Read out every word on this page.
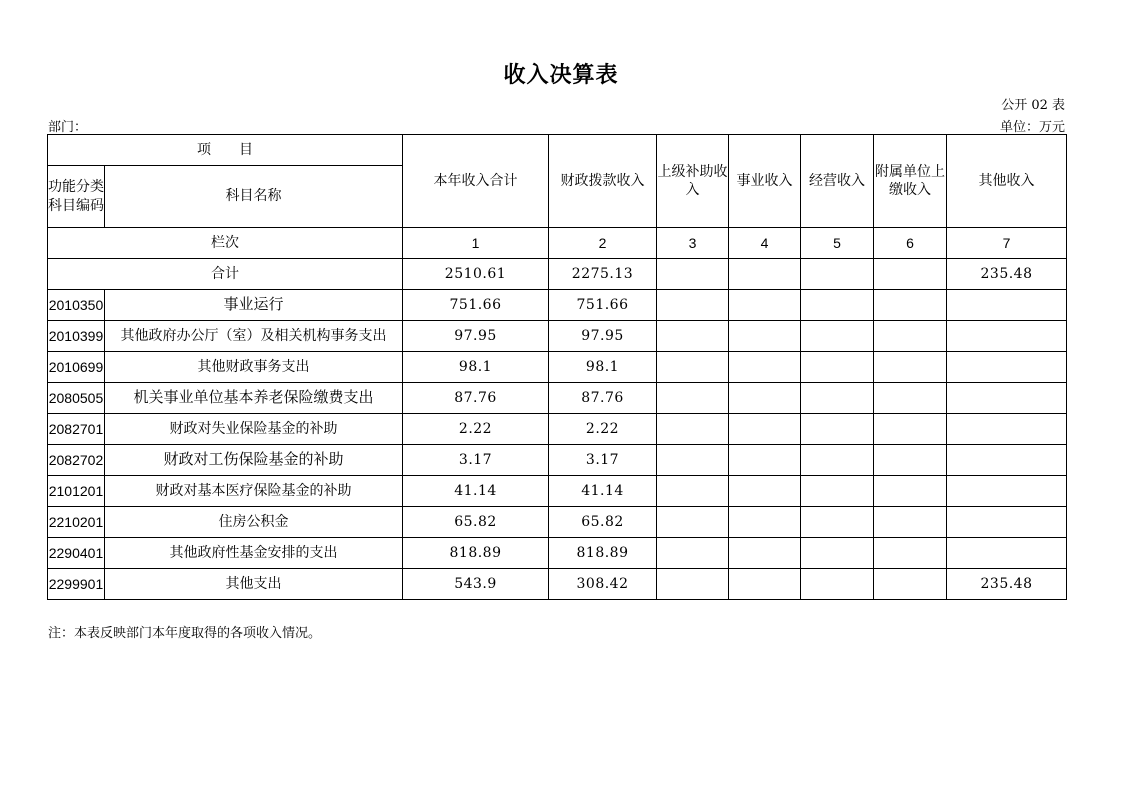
收入决算表
公开 02 表
部门：	单位：万元
项　　目		本年收入合计	财政拨款收入	上级补助收入	事业收入	经营收入	附属单位上缴收入	其他收入
功能分类科目编码	科目名称							
栏次		1	2	3	4	5	6	7
合计		2510.61	2275.13					235.48
2010350	事业运行	751.66	751.66					
2010399	其他政府办公厅（室）及相关机构事务支出	97.95	97.95					
2010699	其他财政事务支出	98.1	98.1					
2080505	机关事业单位基本养老保险缴费支出	87.76	87.76					
2082701	财政对失业保险基金的补助	2.22	2.22					
2082702	财政对工伤保险基金的补助	3.17	3.17					
2101201	财政对基本医疗保险基金的补助	41.14	41.14					
2210201	住房公积金	65.82	65.82					
2290401	其他政府性基金安排的支出	818.89	818.89					
2299901	其他支出	543.9	308.42					235.48
注：本表反映部门本年度取得的各项收入情况。
